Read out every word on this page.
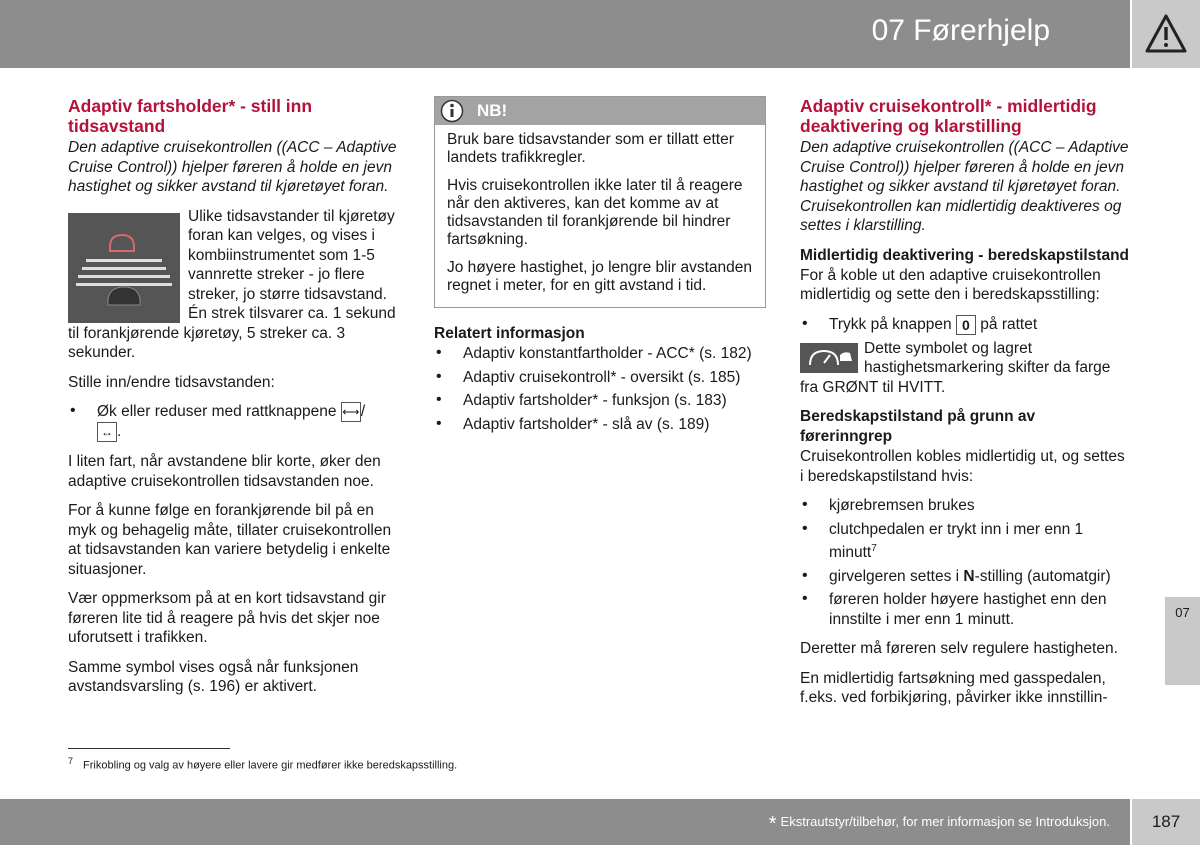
07 Førerhjelp
Adaptiv fartsholder* - still inn tidsavstand

Den adaptive cruisekontrollen ((ACC – Adaptive Cruise Control)) hjelper føreren å holde en jevn hastighet og sikker avstand til kjøretøyet foran.

Ulike tidsavstander til kjøretøy foran kan velges, og vises i kombiinstrumentet som 1-5 vannrette streker - jo flere streker, jo større tidsavstand. Én strek tilsvarer ca. 1 sekund til forankjørende kjøretøy, 5 streker ca. 3 sekunder.

Stille inn/endre tidsavstanden:

• Øk eller reduser med rattknappene ⟷/
↔ .

I liten fart, når avstandene blir korte, øker den adaptive cruisekontrollen tidsavstanden noe.

For å kunne følge en forankjørende bil på en myk og behagelig måte, tillater cruisekontrollen at tidsavstanden kan variere betydelig i enkelte situasjoner.

Vær oppmerksom på at en kort tidsavstand gir føreren lite tid å reagere på hvis det skjer noe uforutsett i trafikken.

Samme symbol vises også når funksjonen avstandsvarsling (s. 196) er aktivert.

NB!

Bruk bare tidsavstander som er tillatt etter landets trafikkregler.

Hvis cruisekontrollen ikke later til å reagere når den aktiveres, kan det komme av at tidsavstanden til forankjørende bil hindrer fartsøkning.

Jo høyere hastighet, jo lengre blir avstanden regnet i meter, for en gitt avstand i tid.

Relatert informasjon
• Adaptiv konstantfartholder - ACC* (s. 182)
• Adaptiv cruisekontroll* - oversikt (s. 185)
• Adaptiv fartsholder* - funksjon (s. 183)
• Adaptiv fartsholder* - slå av (s. 189)
Adaptiv cruisekontroll* - midlertidig deaktivering og klarstilling

Den adaptive cruisekontrollen ((ACC – Adaptive Cruise Control)) hjelper føreren å holde en jevn hastighet og sikker avstand til kjøretøyet foran. Cruisekontrollen kan midlertidig deaktiveres og settes i klarstilling.

Midlertidig deaktivering - beredskapstilstand

For å koble ut den adaptive cruisekontrollen midlertidig og sette den i beredskapsstilling:

• Trykk på knappen 0 på rattet

Dette symbolet og lagret hastighetsmarkering skifter da farge fra GRØNT til HVITT.

Beredskapstilstand på grunn av førerinngrep

Cruisekontrollen kobles midlertidig ut, og settes i beredskapstilstand hvis:

• kjørebremsen brukes
• clutchpedalen er trykt inn i mer enn 1 minutt$^7$
• girvelgeren settes i N-stilling (automatgir)
• føreren holder høyere hastighet enn den innstilte i mer enn 1 minutt.

Deretter må føreren selv regulere hastigheten.

En midlertidig fartsøkning med gasspedalen, f.eks. ved forbikjøring, påvirker ikke innstillin-

$^7$ Frikobling og valg av høyere eller lavere gir medfører ikke beredskapsstilling.
07
* Ekstrautstyr/tilbehør, for mer informasjon se Introduksjon.	187
